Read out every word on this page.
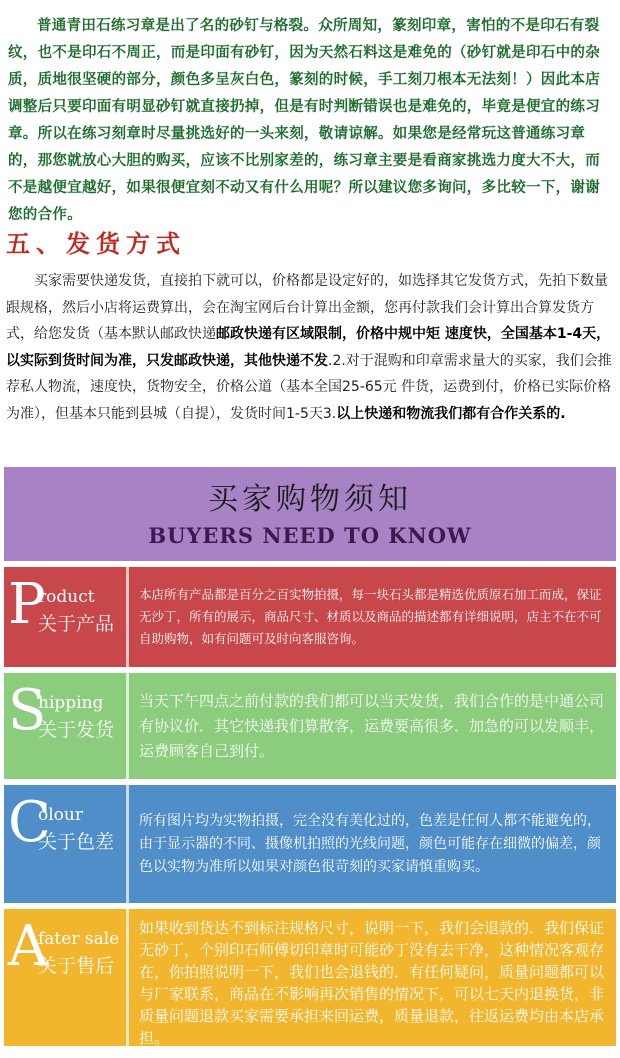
普通青田石练习章是出了名的砂钉与格裂。众所周知，篆刻印章，害怕的不是印石有裂纹，也不是印石不周正，而是印面有砂钉，因为天然石料这是难免的（砂钉就是印石中的杂质，质地很坚硬的部分，颜色多呈灰白色，篆刻的时候，手工刻刀根本无法刻！）因此本店调整后只要印面有明显砂钉就直接扔掉，但是有时判断错误也是难免的，毕竟是便宜的练习章。所以在练习刻章时尽量挑选好的一头来刻，敬请谅解。如果您是经常玩这普通练习章的，那您就放心大胆的购买，应该不比别家差的，练习章主要是看商家挑选力度大不大，而不是越便宜越好，如果很便宜刻不动又有什么用呢？所以建议您多询问，多比较一下，谢谢您的合作。
五、发货方式
买家需要快递发货，直接拍下就可以，价格都是设定好的，如选择其它发货方式，先拍下数量跟规格，然后小店将运费算出，会在淘宝网后台计算出金额，您再付款我们会计算出合算发货方式，给您发货（基本默认邮政快递邮政快递有区域限制，价格中规中矩 速度快，全国基本1-4天，以实际到货时间为准，只发邮政快递，其他快递不发.2.对于混购和印章需求量大的买家，我们会推荐私人物流，速度快，货物安全，价格公道（基本全国25-65元 件货，运费到付，价格已实际价格为准），但基本只能到县城（自提），发货时间1-5天3.以上快递和物流我们都有合作关系的.
买家购物须知
BUYERS NEED TO KNOW
P
roduct
关于产品

本店所有产品都是百分之百实物拍摄，每一块石头都是精选优质原石加工而成，保证无沙丁，所有的展示，商品尺寸、材质以及商品的描述都有详细说明，店主不在不可自助购物，如有问题可及时向客服咨询。

S
hipping
关于发货

当天下午四点之前付款的我们都可以当天发货，我们合作的是中通公司有协议价．其它快递我们算散客，运费要高很多．加急的可以发顺丰，运费顾客自己到付。

C
olour
关于色差

所有图片均为实物拍摄，完全没有美化过的，色差是任何人都不能避免的，由于显示器的不同、摄像机拍照的光线问题，颜色可能存在细微的偏差，颜色以实物为准所以如果对颜色很苛刻的买家请慎重购买。

A
fater sale
关于售后

如果收到货达不到标注规格尺寸，说明一下，我们会退款的．我们保证无砂丁，个别印石师傅切印章时可能砂丁没有去干净，这种情况客观存在，你拍照说明一下，我们也会退钱的．有任何疑问，质量问题都可以与厂家联系，商品在不影响再次销售的情况下，可以七天内退换货，非质量问题退款买家需要承担来回运费，质量退款，往返运费均由本店承担。
